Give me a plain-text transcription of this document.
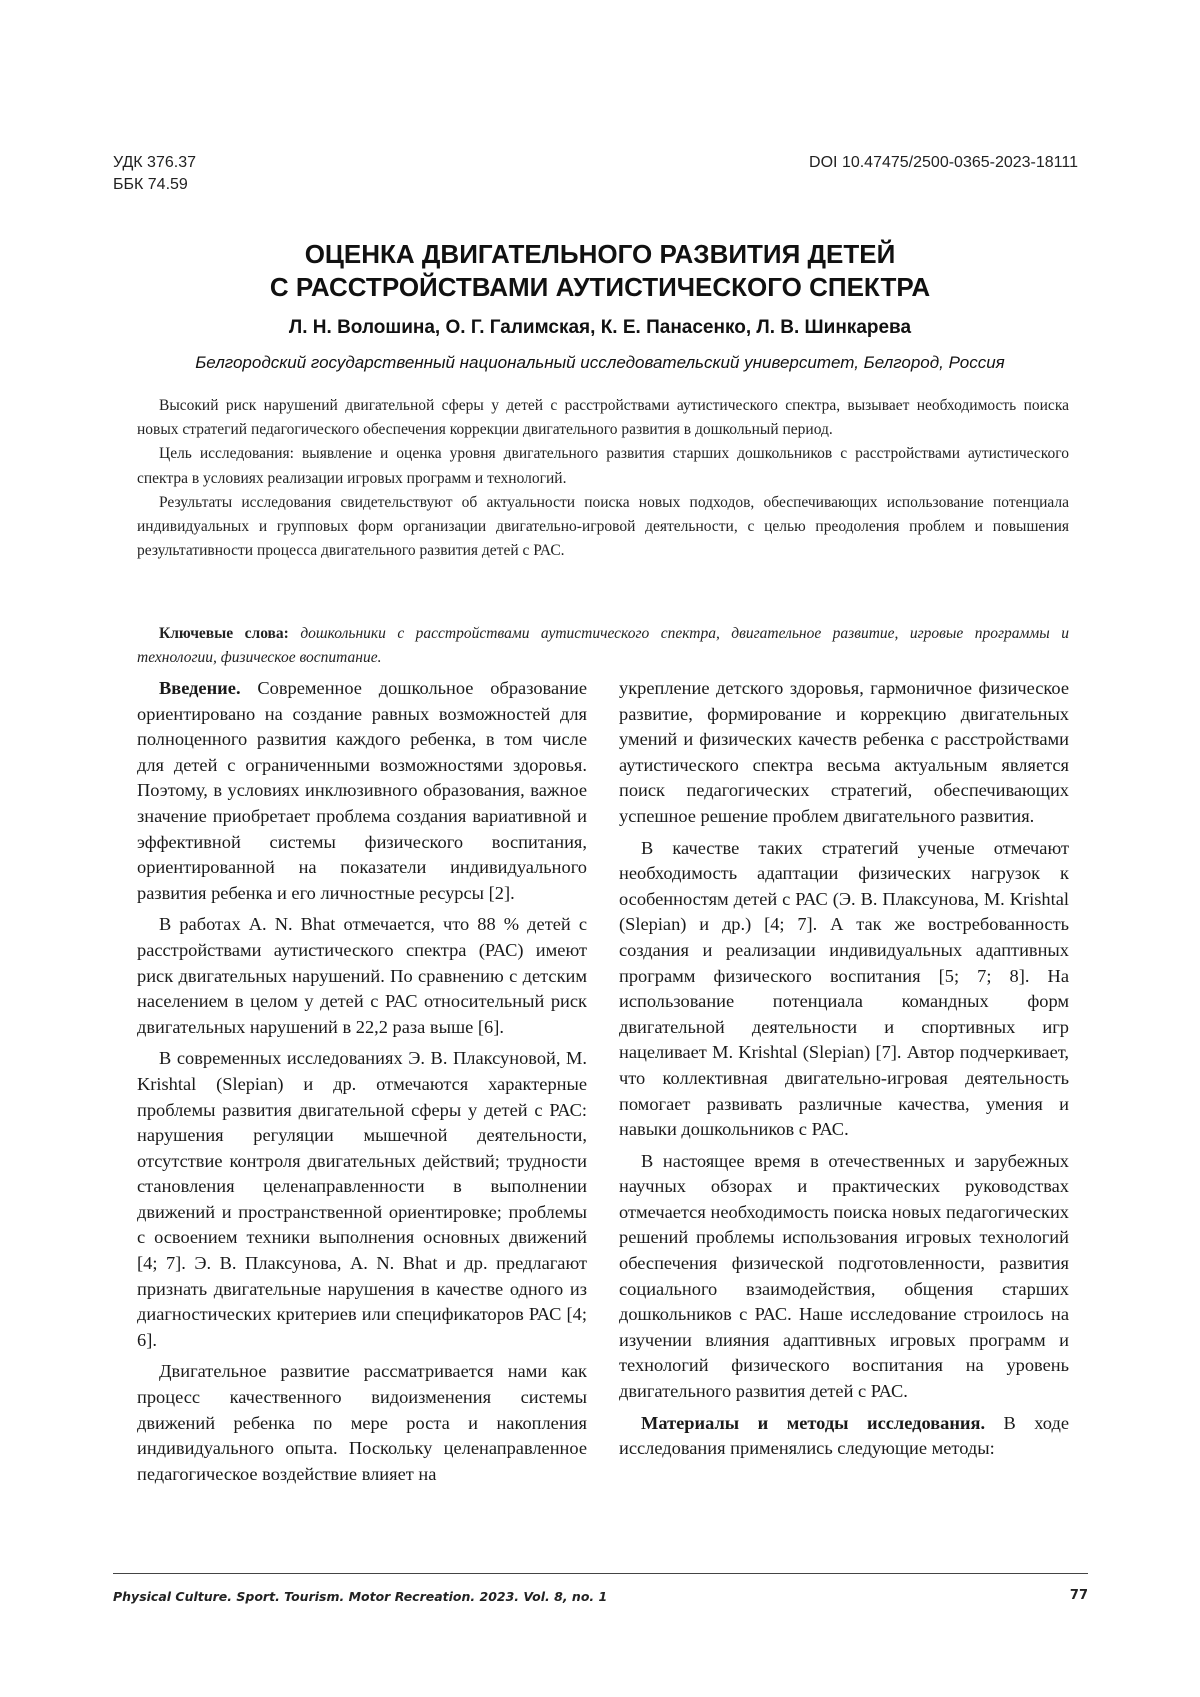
УДК 376.37
ББК 74.59
DOI 10.47475/2500-0365-2023-18111
ОЦЕНКА ДВИГАТЕЛЬНОГО РАЗВИТИЯ ДЕТЕЙ
С РАССТРОЙСТВАМИ АУТИСТИЧЕСКОГО СПЕКТРА
Л. Н. Волошина, О. Г. Галимская, К. Е. Панасенко, Л. В. Шинкарева
Белгородский государственный национальный исследовательский университет, Белгород, Россия

Высокий риск нарушений двигательной сферы у детей с расстройствами аутистического спектра, вызывает необходимость поиска новых стратегий педагогического обеспечения коррекции двигательного развития в дошкольный период.

Цель исследования: выявление и оценка уровня двигательного развития старших дошкольников с расстройствами аутистического спектра в условиях реализации игровых программ и технологий.

Результаты исследования свидетельствуют об актуальности поиска новых подходов, обеспечивающих использование потенциала индивидуальных и групповых форм организации двигательно-игровой деятельности, с целью преодоления проблем и повышения результативности процесса двигательного развития детей с РАС.

Ключевые слова: дошкольники с расстройствами аутистического спектра, двигательное развитие, игровые программы и технологии, физическое воспитание.

Введение. Современное дошкольное образование ориентировано на создание равных возможностей для полноценного развития каждого ребенка, в том числе для детей с ограниченными возможностями здоровья. Поэтому, в условиях инклюзивного образования, важное значение приобретает проблема создания вариативной и эффективной системы физического воспитания, ориентированной на показатели индивидуального развития ребенка и его личностные ресурсы [2].

В работах A. N. Bhat отмечается, что 88 % детей с расстройствами аутистического спектра (РАС) имеют риск двигательных нарушений. По сравнению с детским населением в целом у детей с РАС относительный риск двигательных нарушений в 22,2 раза выше [6].

В современных исследованиях Э. В. Плаксуновой, M. Krishtal (Slepian) и др. отмечаются характерные проблемы развития двигательной сферы у детей с РАС: нарушения регуляции мышечной деятельности, отсутствие контроля двигательных действий; трудности становления целенаправленности в выполнении движений и пространственной ориентировке; проблемы с освоением техники выполнения основных движений [4; 7]. Э. В. Плаксунова, A. N. Bhat и др. предлагают признать двигательные нарушения в качестве одного из диагностических критериев или спецификаторов РАС [4; 6].

Двигательное развитие рассматривается нами как процесс качественного видоизменения системы движений ребенка по мере роста и накопления индивидуального опыта. Поскольку целенаправленное педагогическое воздействие влияет на

укрепление детского здоровья, гармоничное физическое развитие, формирование и коррекцию двигательных умений и физических качеств ребенка с расстройствами аутистического спектра весьма актуальным является поиск педагогических стратегий, обеспечивающих успешное решение проблем двигательного развития.

В качестве таких стратегий ученые отмечают необходимость адаптации физических нагрузок к особенностям детей с РАС (Э. В. Плаксунова, M. Krishtal (Slepian) и др.) [4; 7]. А так же востребованность создания и реализации индивидуальных адаптивных программ физического воспитания [5; 7; 8]. На использование потенциала командных форм двигательной деятельности и спортивных игр нацеливает M. Krishtal (Slepian) [7]. Автор подчеркивает, что коллективная двигательно-игровая деятельность помогает развивать различные качества, умения и навыки дошкольников с РАС.

В настоящее время в отечественных и зарубежных научных обзорах и практических руководствах отмечается необходимость поиска новых педагогических решений проблемы использования игровых технологий обеспечения физической подготовленности, развития социального взаимодействия, общения старших дошкольников с РАС. Наше исследование строилось на изучении влияния адаптивных игровых программ и технологий физического воспитания на уровень двигательного развития детей с РАС.

Материалы и методы исследования. В ходе исследования применялись следующие методы:

Physical Culture. Sport. Tourism. Motor Recreation. 2023. Vol. 8, no. 1	77
